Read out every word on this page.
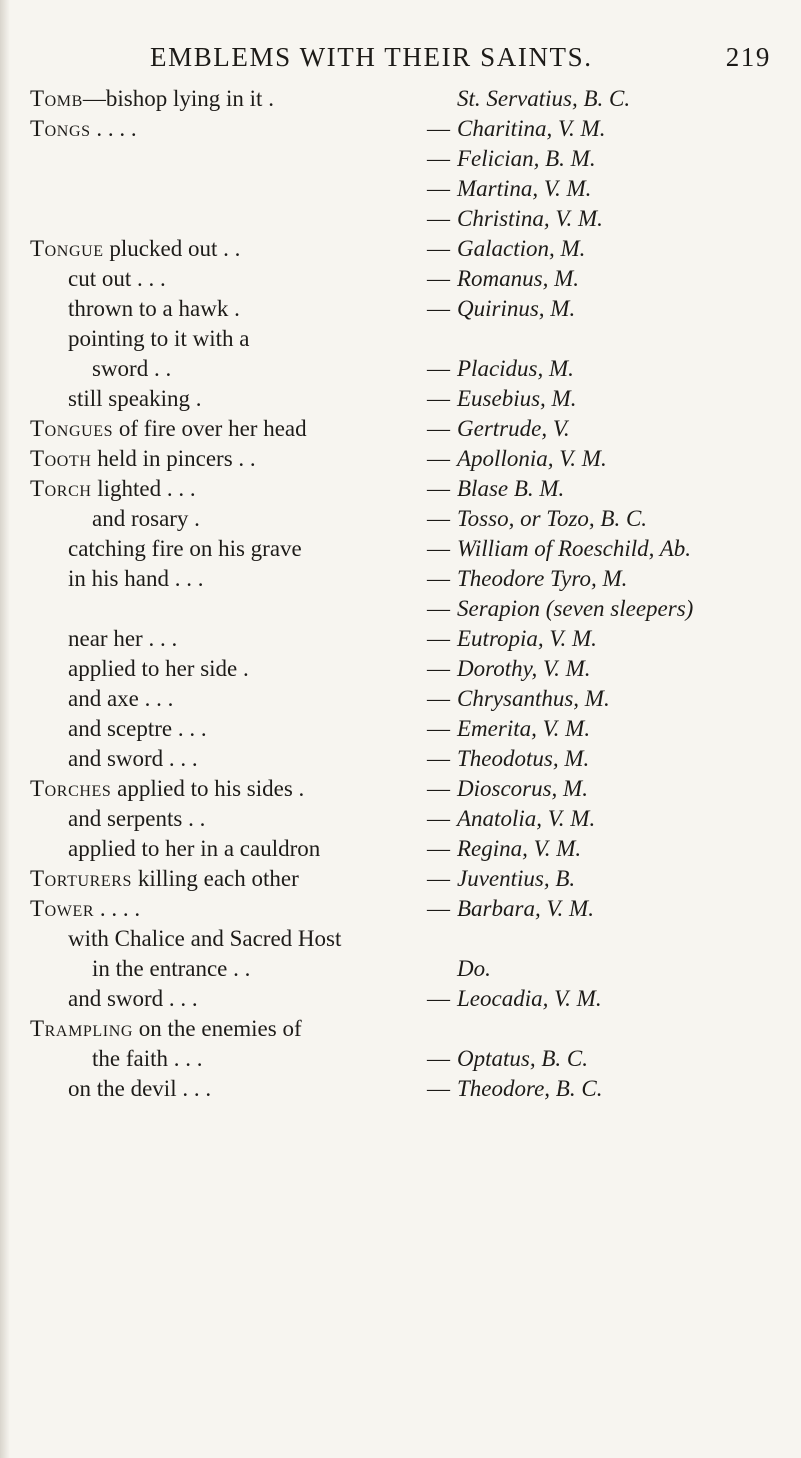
EMBLEMS WITH THEIR SAINTS.	219
Tomb—bishop lying in it .	St. Servatius, B. C.
Tongs . . . .	— Charitina, V. M.
— Felician, B. M.
— Martina, V. M.
— Christina, V. M.
Tongue plucked out . .	— Galaction, M.
cut out . . .	— Romanus, M.
thrown to a hawk .	— Quirinus, M.
pointing to it with a
sword . .	— Placidus, M.
still speaking .	— Eusebius, M.
Tongues of fire over her head	— Gertrude, V.
Tooth held in pincers . .	— Apollonia, V. M.
Torch lighted . . .	— Blase B. M.
and rosary .	— Tosso, or Tozo, B. C.
catching fire on his grave	— William of Roeschild, Ab.
in his hand . . .	— Theodore Tyro, M.
— Serapion (seven sleepers)
near her . . .	— Eutropia, V. M.
applied to her side .	— Dorothy, V. M.
and axe . . .	— Chrysanthus, M.
and sceptre . . .	— Emerita, V. M.
and sword . . .	— Theodotus, M.
Torches applied to his sides .	— Dioscorus, M.
and serpents . .	— Anatolia, V. M.
applied to her in a cauldron	— Regina, V. M.
Torturers killing each other	— Juventius, B.
Tower . . . .	— Barbara, V. M.
with Chalice and Sacred Host
in the entrance . .	Do.
and sword . . .	— Leocadia, V. M.
Trampling on the enemies of
the faith . . .	— Optatus, B. C.
on the devil . . .	— Theodore, B. C.
